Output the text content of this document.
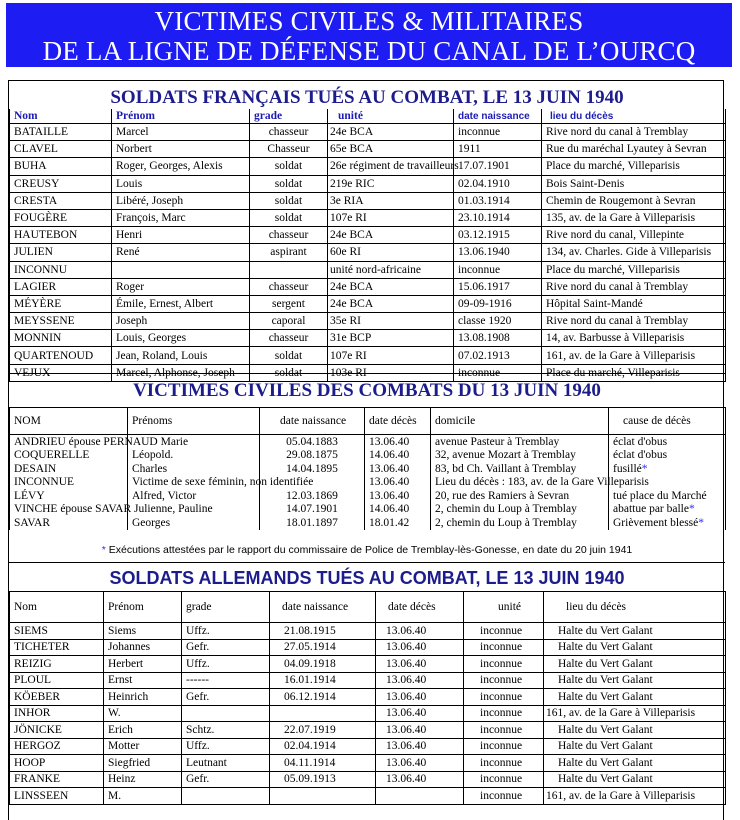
VICTIMES CIVILES & MILITAIRES
DE LA LIGNE DE DÉFENSE DU CANAL DE L’OURCQ
SOLDATS FRANÇAIS TUÉS AU COMBAT, LE 13 JUIN 1940
Nom	Prénom	grade	unité	date naissance	lieu du décès
BATAILLE	Marcel	chasseur	24e BCA	inconnue	Rive nord du canal à Tremblay
CLAVEL	Norbert	Chasseur	65e BCA	1911	Rue du maréchal Lyautey à Sevran
BUHA	Roger, Georges, Alexis	soldat	26e régiment de travailleurs	17.07.1901	Place du marché, Villeparisis
CREUSY	Louis	soldat	219e RIC	02.04.1910	Bois Saint-Denis
CRESTA	Libéré, Joseph	soldat	3e RIA	01.03.1914	Chemin de Rougemont à Sevran
FOUGÈRE	François, Marc	soldat	107e RI	23.10.1914	135, av. de la Gare à Villeparisis
HAUTEBON	Henri	chasseur	24e BCA	03.12.1915	Rive nord du canal, Villepinte
JULIEN	René	aspirant	60e RI	13.06.1940	134, av. Charles. Gide à Villeparisis
INCONNU			unité nord-africaine	inconnue	Place du marché, Villeparisis
LAGIER	Roger	chasseur	24e BCA	15.06.1917	Rive nord du canal à Tremblay
MÉYÈRE	Émile, Ernest, Albert	sergent	24e BCA	09-09-1916	Hôpital Saint-Mandé
MEYSSENE	Joseph	caporal	35e RI	classe 1920	Rive nord du canal à Tremblay
MONNIN	Louis, Georges	chasseur	31e BCP	13.08.1908	14, av. Barbusse à Villeparisis
QUARTENOUD	Jean, Roland, Louis	soldat	107e RI	07.02.1913	161, av. de la Gare à Villeparisis
VEJUX	Marcel, Alphonse, Joseph	soldat	103e RI	inconnue	Place du marché, Villeparisis
VICTIMES CIVILES DES COMBATS DU 13 JUIN 1940
NOM	Prénoms	date naissance	date décès	domicile	cause de décès
ANDRIEU épouse PERNAUD Marie		05.04.1883	13.06.40	avenue Pasteur à Tremblay	éclat d'obus
COQUERELLE	Léopold.	29.08.1875	14.06.40	32, avenue Mozart à Tremblay	éclat d'obus
DESAIN	Charles	14.04.1895	13.06.40	83, bd Ch. Vaillant à Tremblay	fusillé*
INCONNUE	Victime de sexe féminin, non identifiée		13.06.40	Lieu du décès : 183, av. de la Gare Villeparisis	
LÉVY	Alfred, Victor	12.03.1869	13.06.40	20, rue des Ramiers à Sevran	tué place du Marché
VINCHE épouse SAVAR Julienne, Pauline		14.07.1901	14.06.40	2, chemin du Loup à Tremblay	abattue par balle*
SAVAR	Georges	18.01.1897	18.01.42	2, chemin du Loup à Tremblay	Grièvement blessé*
* Exécutions attestées par le rapport du commissaire de Police de Tremblay-lès-Gonesse, en date du 20 juin 1941
SOLDATS ALLEMANDS TUÉS AU COMBAT, LE 13 JUIN 1940
Nom	Prénom	grade	date naissance	date décès	unité	lieu du décès
SIEMS	Siems	Uffz.	21.08.1915	13.06.40	inconnue	Halte du Vert Galant
TICHETER	Johannes	Gefr.	27.05.1914	13.06.40	inconnue	Halte du Vert Galant
REIZIG	Herbert	Uffz.	04.09.1918	13.06.40	inconnue	Halte du Vert Galant
PLOUL	Ernst	------	16.01.1914	13.06.40	inconnue	Halte du Vert Galant
KÖEBER	Heinrich	Gefr.	06.12.1914	13.06.40	inconnue	Halte du Vert Galant
INHOR	W.			13.06.40	inconnue	161, av. de la Gare à Villeparisis
JÖNICKE	Erich	Schtz.	22.07.1919	13.06.40	inconnue	Halte du Vert Galant
HERGOZ	Motter	Uffz.	02.04.1914	13.06.40	inconnue	Halte du Vert Galant
HOOP	Siegfried	Leutnant	04.11.1914	13.06.40	inconnue	Halte du Vert Galant
FRANKE	Heinz	Gefr.	05.09.1913	13.06.40	inconnue	Halte du Vert Galant
LINSSEEN	M.				inconnue	161, av. de la Gare à Villeparisis
